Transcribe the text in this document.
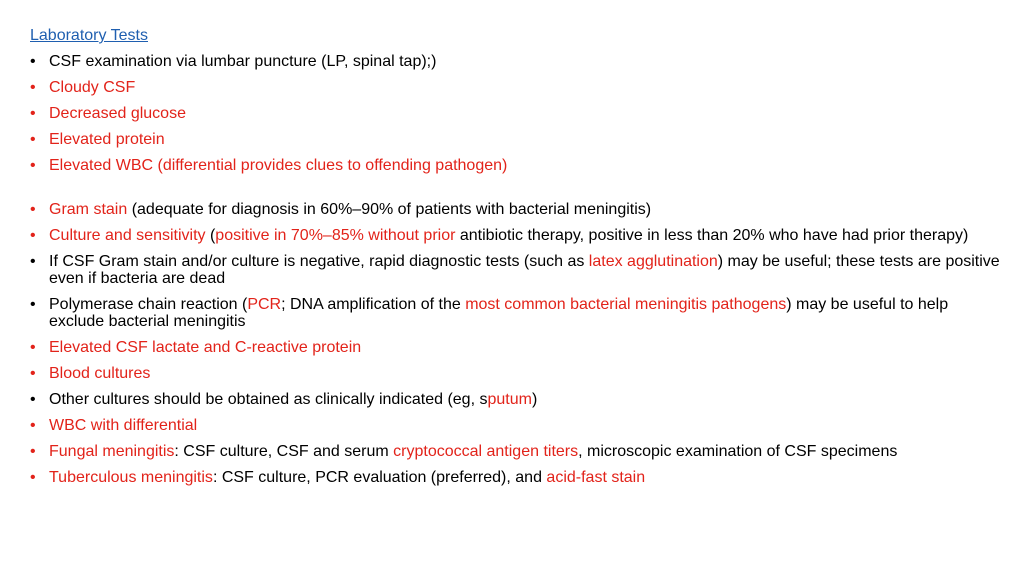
Laboratory Tests
• CSF examination via lumbar puncture (LP, spinal tap);)
• Cloudy CSF
• Decreased glucose
• Elevated protein
• Elevated WBC (differential provides clues to offending pathogen)
• Gram stain (adequate for diagnosis in 60%–90% of patients with bacterial meningitis)
• Culture and sensitivity (positive in 70%–85% without prior antibiotic therapy, positive in less than 20% who have had prior therapy)
• If CSF Gram stain and/or culture is negative, rapid diagnostic tests (such as latex agglutination) may be useful; these tests are positive even if bacteria are dead
• Polymerase chain reaction (PCR; DNA amplification of the most common bacterial meningitis pathogens) may be useful to help exclude bacterial meningitis
• Elevated CSF lactate and C-reactive protein
• Blood cultures
• Other cultures should be obtained as clinically indicated (eg, sputum)
• WBC with differential
• Fungal meningitis: CSF culture, CSF and serum cryptococcal antigen titers, microscopic examination of CSF specimens
• Tuberculous meningitis: CSF culture, PCR evaluation (preferred), and acid-fast stain
